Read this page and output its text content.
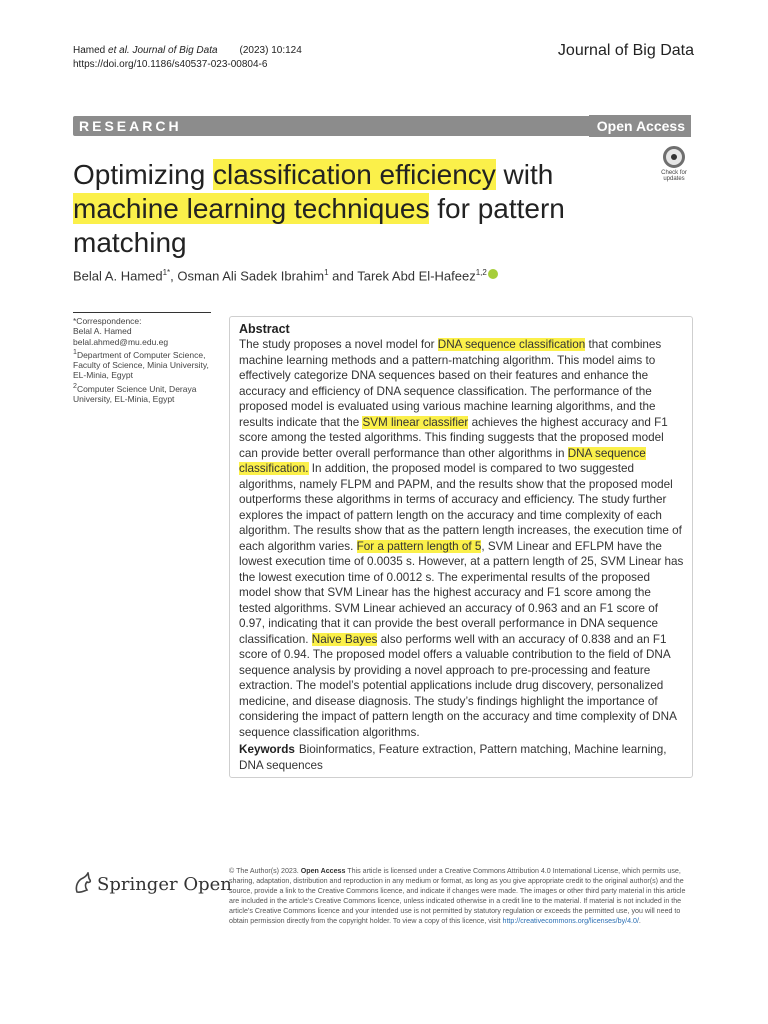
Hamed et al. Journal of Big Data (2023) 10:124
https://doi.org/10.1186/s40537-023-00804-6
Journal of Big Data
RESEARCH	Open Access
Check for
updates
Optimizing classification efficiency with machine learning techniques for pattern matching
Belal A. Hamed$^{1*}$, Osman Ali Sadek Ibrahim$^1$ and Tarek Abd El-Hafeez$^{1,2}$
*Correspondence:
Belal A. Hamed
belal.ahmed@mu.edu.eg
$^1$Department of Computer Science, Faculty of Science, Minia University, EL-Minia, Egypt
$^2$Computer Science Unit, Deraya University, EL-Minia, Egypt
Abstract

The study proposes a novel model for DNA sequence classification that combines machine learning methods and a pattern-matching algorithm. This model aims to effectively categorize DNA sequences based on their features and enhance the accuracy and efficiency of DNA sequence classification. The performance of the proposed model is evaluated using various machine learning algorithms, and the results indicate that the SVM linear classifier achieves the highest accuracy and F1 score among the tested algorithms. This finding suggests that the proposed model can provide better overall performance than other algorithms in DNA sequence classification. In addition, the proposed model is compared to two suggested algorithms, namely FLPM and PAPM, and the results show that the proposed model outperforms these algorithms in terms of accuracy and efficiency. The study further explores the impact of pattern length on the accuracy and time complexity of each algorithm. The results show that as the pattern length increases, the execution time of each algorithm varies. For a pattern length of 5, SVM Linear and EFLPM have the lowest execution time of 0.0035 s. However, at a pattern length of 25, SVM Linear has the lowest execution time of 0.0012 s. The experimental results of the proposed model show that SVM Linear has the highest accuracy and F1 score among the tested algorithms. SVM Linear achieved an accuracy of 0.963 and an F1 score of 0.97, indicating that it can provide the best overall performance in DNA sequence classification. Naive Bayes also performs well with an accuracy of 0.838 and an F1 score of 0.94. The proposed model offers a valuable contribution to the field of DNA sequence analysis by providing a novel approach to pre-processing and feature extraction. The model’s potential applications include drug discovery, personalized medicine, and disease diagnosis. The study’s findings highlight the importance of considering the impact of pattern length on the accuracy and time complexity of DNA sequence classification algorithms.

Keywords Bioinformatics, Feature extraction, Pattern matching, Machine learning, DNA sequences
Springer Open
© The Author(s) 2023. Open Access This article is licensed under a Creative Commons Attribution 4.0 International License, which permits use, sharing, adaptation, distribution and reproduction in any medium or format, as long as you give appropriate credit to the original author(s) and the source, provide a link to the Creative Commons licence, and indicate if changes were made. The images or other third party material in this article are included in the article’s Creative Commons licence, unless indicated otherwise in a credit line to the material. If material is not included in the article’s Creative Commons licence and your intended use is not permitted by statutory regulation or exceeds the permitted use, you will need to obtain permission directly from the copyright holder. To view a copy of this licence, visit http://creativecommons.org/licenses/by/4.0/.
